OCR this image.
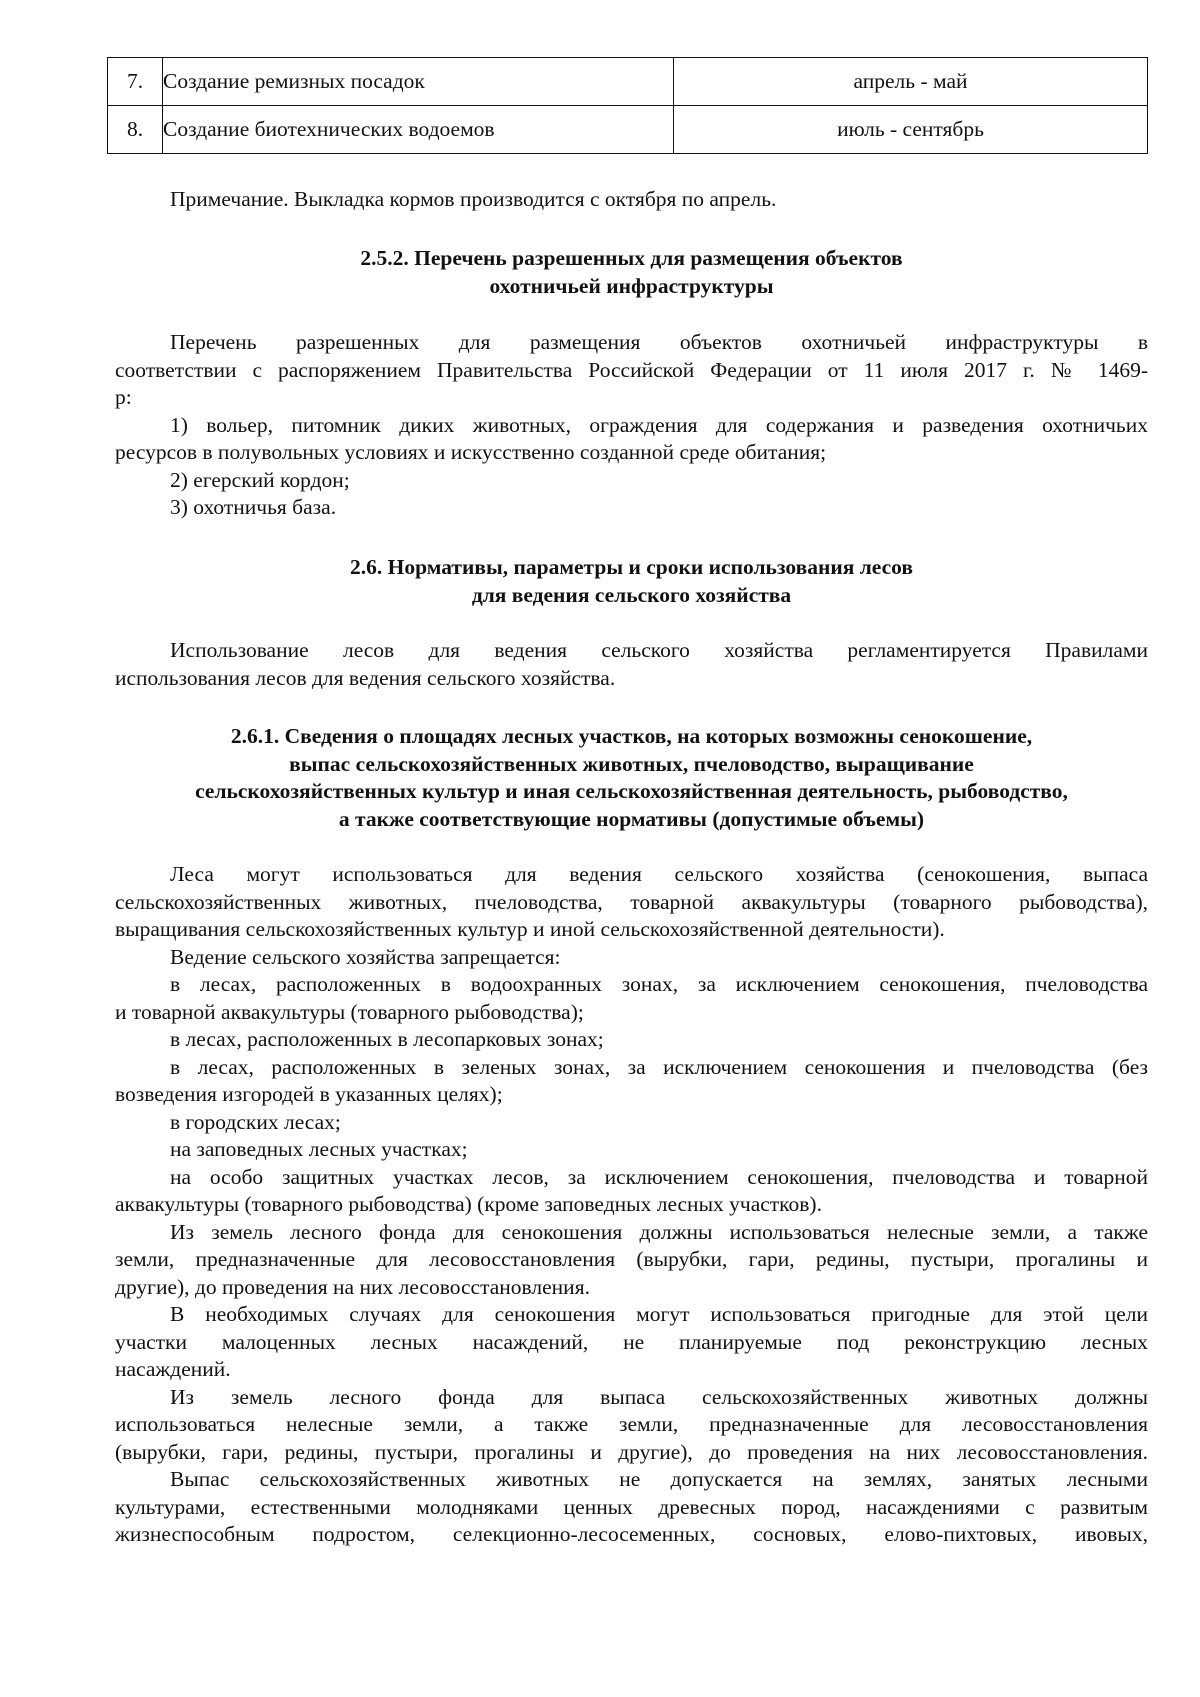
7.	Создание ремизных посадок	апрель - май
8.	Создание биотехнических водоемов	июль - сентябрь

Примечание. Выкладка кормов производится с октября по апрель.

2.5.2. Перечень разрешенных для размещения объектов
охотничьей инфраструктуры
Перечень разрешенных для размещения объектов охотничьей инфраструктуры в
соответствии с распоряжением Правительства Российской Федерации от 11 июля 2017 г. № 1469-
р:
1) вольер, питомник диких животных, ограждения для содержания и разведения охотничьих
ресурсов в полувольных условиях и искусственно созданной среде обитания;
2) егерский кордон;
3) охотничья база.
2.6. Нормативы, параметры и сроки использования лесов
для ведения сельского хозяйства
Использование лесов для ведения сельского хозяйства регламентируется Правилами
использования лесов для ведения сельского хозяйства.
2.6.1. Сведения о площадях лесных участков, на которых возможны сенокошение,
выпас сельскохозяйственных животных, пчеловодство, выращивание
сельскохозяйственных культур и иная сельскохозяйственная деятельность, рыбоводство,
а также соответствующие нормативы (допустимые объемы)
Леса могут использоваться для ведения сельского хозяйства (сенокошения, выпаса
сельскохозяйственных животных, пчеловодства, товарной аквакультуры (товарного рыбоводства),
выращивания сельскохозяйственных культур и иной сельскохозяйственной деятельности).
Ведение сельского хозяйства запрещается:
в лесах, расположенных в водоохранных зонах, за исключением сенокошения, пчеловодства
и товарной аквакультуры (товарного рыбоводства);
в лесах, расположенных в лесопарковых зонах;
в лесах, расположенных в зеленых зонах, за исключением сенокошения и пчеловодства (без
возведения изгородей в указанных целях);
в городских лесах;
на заповедных лесных участках;
на особо защитных участках лесов, за исключением сенокошения, пчеловодства и товарной
аквакультуры (товарного рыбоводства) (кроме заповедных лесных участков).
Из земель лесного фонда для сенокошения должны использоваться нелесные земли, а также
земли, предназначенные для лесовосстановления (вырубки, гари, редины, пустыри, прогалины и
другие), до проведения на них лесовосстановления.
В необходимых случаях для сенокошения могут использоваться пригодные для этой цели
участки малоценных лесных насаждений, не планируемые под реконструкцию лесных
насаждений.
Из земель лесного фонда для выпаса сельскохозяйственных животных должны
использоваться нелесные земли, а также земли, предназначенные для лесовосстановления
(вырубки, гари, редины, пустыри, прогалины и другие), до проведения на них лесовосстановления.
Выпас сельскохозяйственных животных не допускается на землях, занятых лесными
культурами, естественными молодняками ценных древесных пород, насаждениями с развитым
жизнеспособным подростом, селекционно-лесосеменных, сосновых, елово-пихтовых, ивовых,
